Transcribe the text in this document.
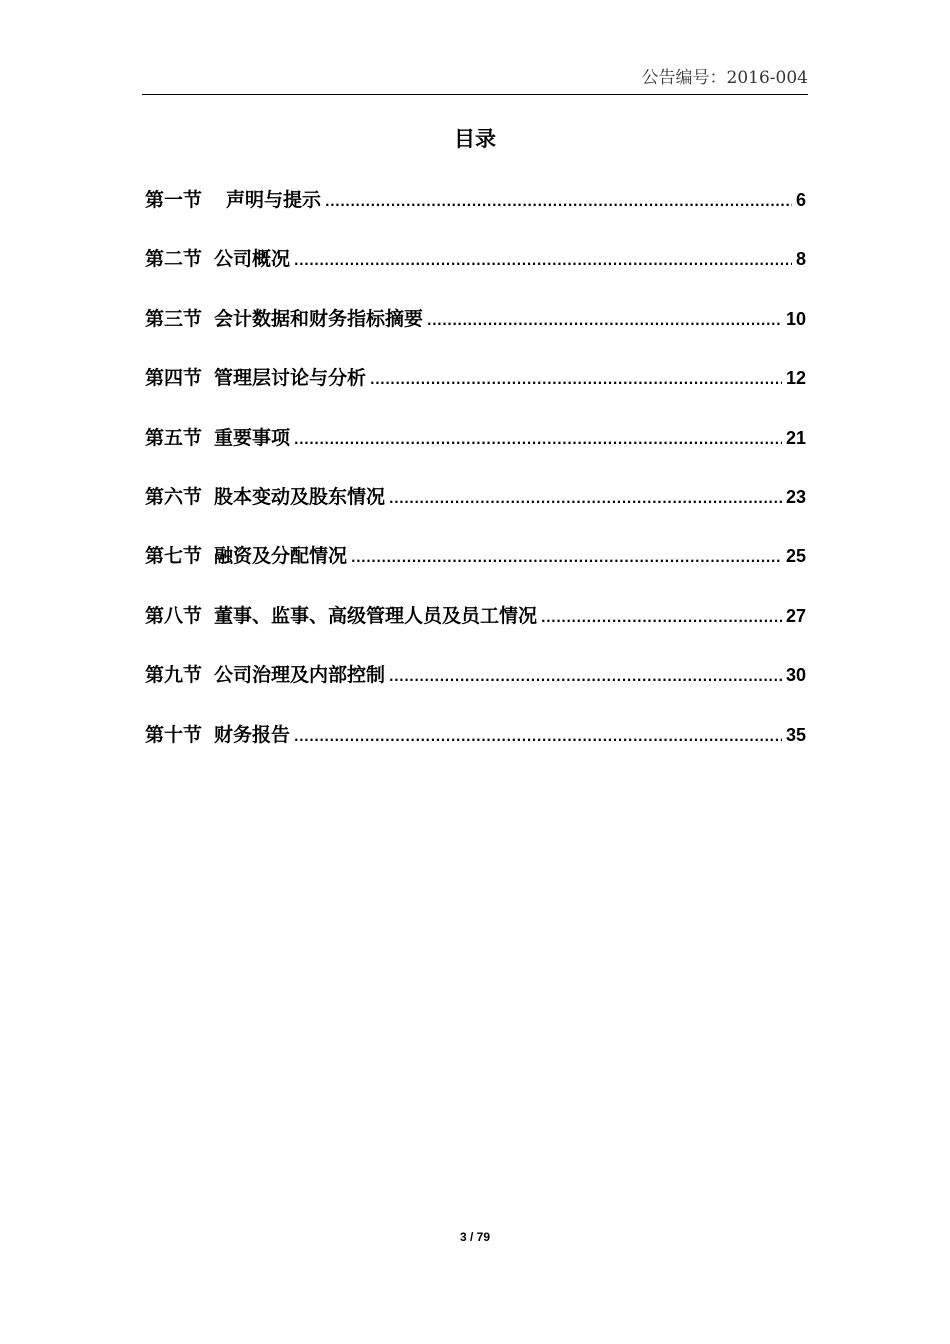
公告编号：2016-004
目录
第一节 声明与提示 .....	6
第二节 公司概况 .....	8
第三节 会计数据和财务指标摘要 .....	10
第四节 管理层讨论与分析 .....	12
第五节 重要事项 .....	21
第六节 股本变动及股东情况 .....	23
第七节 融资及分配情况 .....	25
第八节 董事、监事、高级管理人员及员工情况 .....	27
第九节 公司治理及内部控制 .....	30
第十节 财务报告 .....	35
3 / 79
